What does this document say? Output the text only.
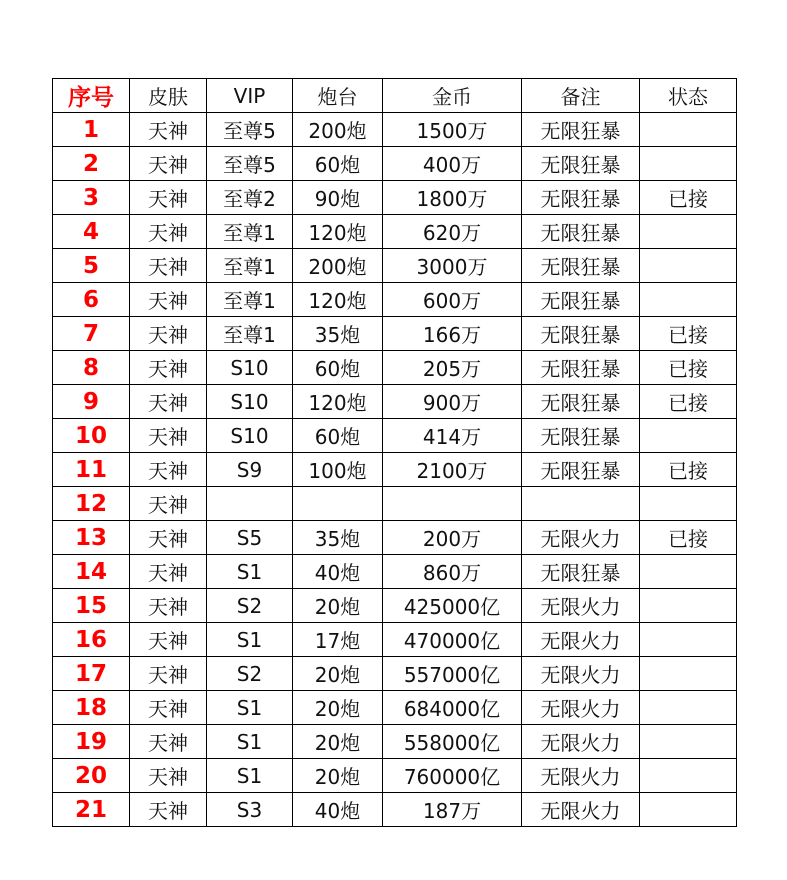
序号	皮肤	VIP	炮台	金币	备注	状态
1	天神	至尊5	200炮	1500万	无限狂暴	
2	天神	至尊5	60炮	400万	无限狂暴	
3	天神	至尊2	90炮	1800万	无限狂暴	已接
4	天神	至尊1	120炮	620万	无限狂暴	
5	天神	至尊1	200炮	3000万	无限狂暴	
6	天神	至尊1	120炮	600万	无限狂暴	
7	天神	至尊1	35炮	166万	无限狂暴	已接
8	天神	S10	60炮	205万	无限狂暴	已接
9	天神	S10	120炮	900万	无限狂暴	已接
10	天神	S10	60炮	414万	无限狂暴	
11	天神	S9	100炮	2100万	无限狂暴	已接
12	天神					
13	天神	S5	35炮	200万	无限火力	已接
14	天神	S1	40炮	860万	无限狂暴	
15	天神	S2	20炮	425000亿	无限火力	
16	天神	S1	17炮	470000亿	无限火力	
17	天神	S2	20炮	557000亿	无限火力	
18	天神	S1	20炮	684000亿	无限火力	
19	天神	S1	20炮	558000亿	无限火力	
20	天神	S1	20炮	760000亿	无限火力	
21	天神	S3	40炮	187万	无限火力	
